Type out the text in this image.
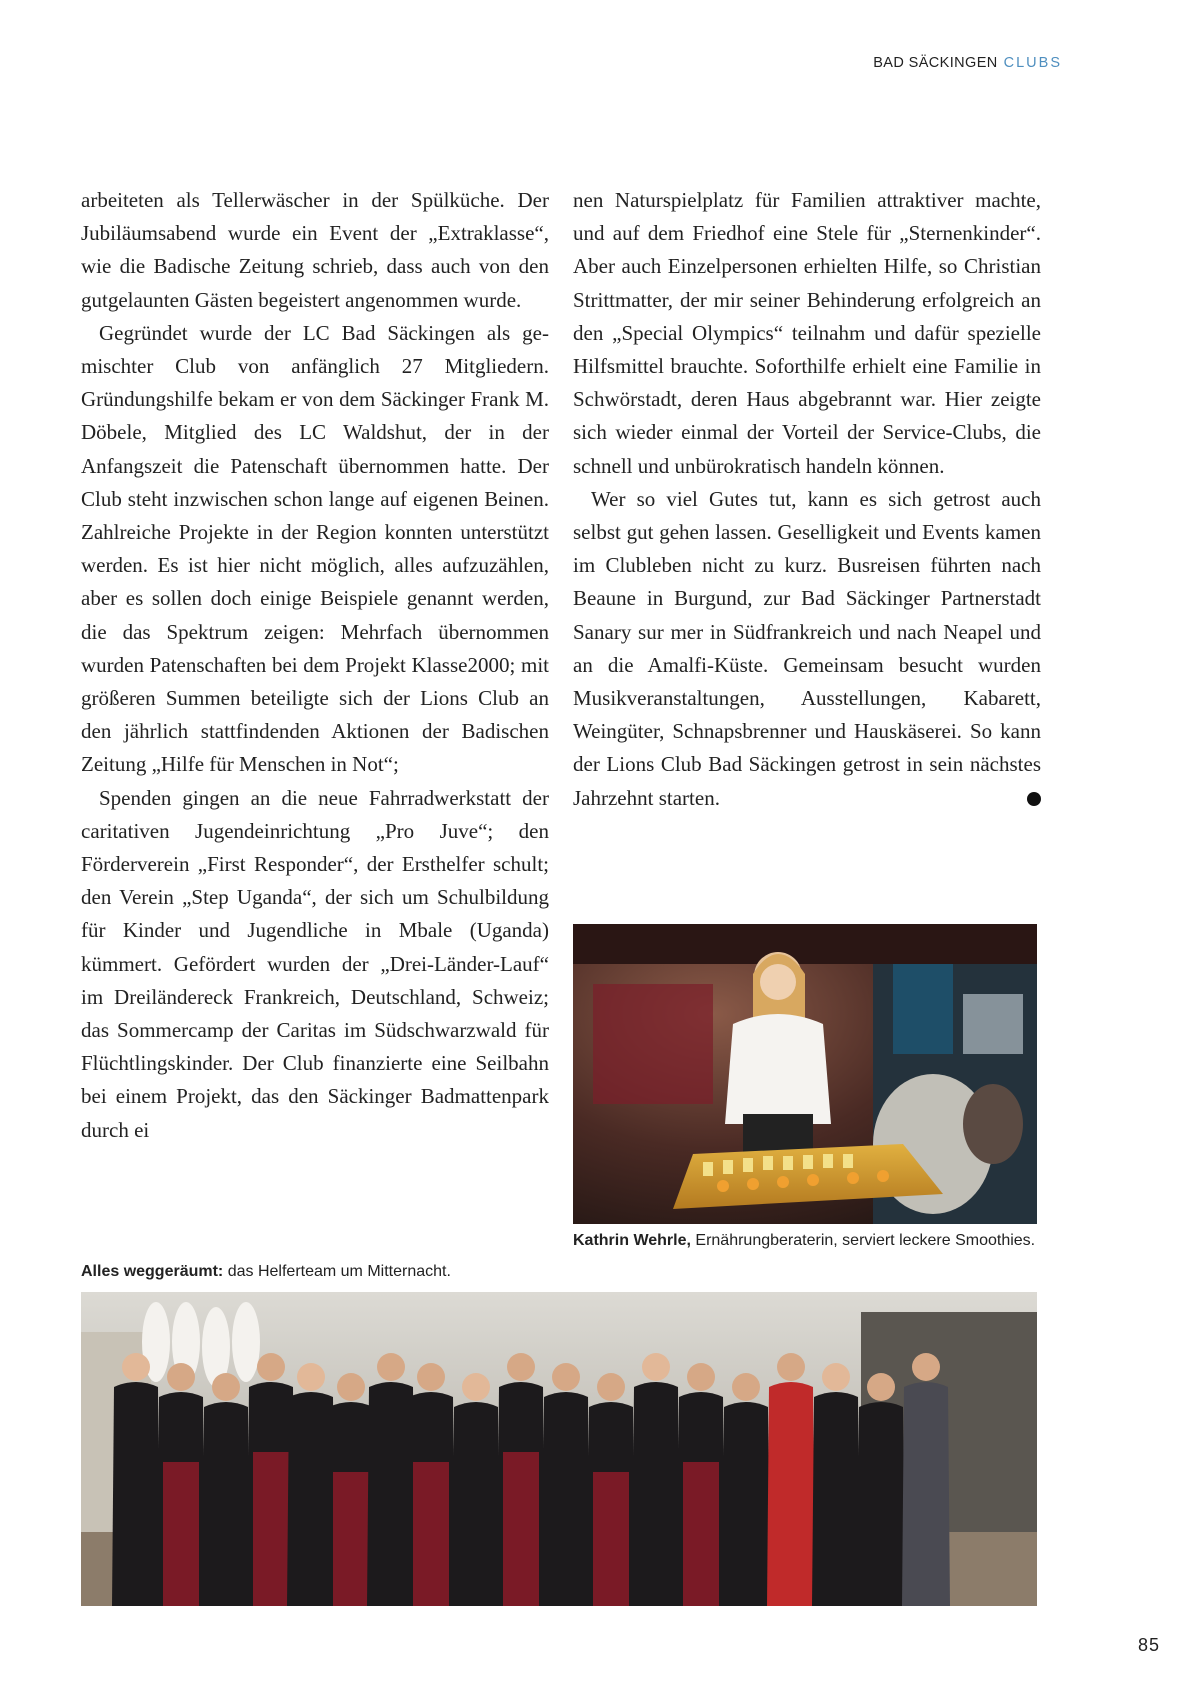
BAD SÄCKINGEN CLUBS

arbeiteten als Tellerwäscher in der Spülküche. Der Jubiläumsabend wurde ein Event der „Extraklasse“, wie die Badische Zeitung schrieb, dass auch von den gutgelaunten Gästen begeistert angenommen wurde.

Gegründet wurde der LC Bad Säckingen als gemischter Club von anfänglich 27 Mitgliedern. Gründungshilfe bekam er von dem Säckinger Frank M. Döbele, Mitglied des LC Waldshut, der in der Anfangszeit die Patenschaft übernommen hatte. Der Club steht inzwischen schon lange auf eigenen Beinen. Zahlreiche Projekte in der Region konnten unterstützt werden. Es ist hier nicht möglich, alles aufzuzählen, aber es sollen doch einige Beispiele genannt werden, die das Spektrum zeigen: Mehrfach übernommen wurden Patenschaften bei dem Projekt Klasse2000; mit größeren Summen beteiligte sich der Lions Club an den jährlich stattfindenden Aktionen der Badischen Zeitung „Hilfe für Menschen in Not“;

Spenden gingen an die neue Fahrradwerkstatt der caritativen Jugendeinrichtung „Pro Juve“; den Förderverein „First Responder“, der Ersthelfer schult; den Verein „Step Uganda“, der sich um Schulbildung für Kinder und Jugendliche in Mbale (Uganda) kümmert. Gefördert wurden der „Drei-Länder-Lauf“ im Dreiländereck Frankreich, Deutschland, Schweiz; das Sommercamp der Caritas im Südschwarzwald für Flüchtlingskinder. Der Club finanzierte eine Seilbahn bei einem Projekt, das den Säckinger Badmattenpark durch ei

nen Naturspielplatz für Familien attraktiver machte, und auf dem Friedhof eine Stele für „Sternenkinder“. Aber auch Einzelpersonen erhielten Hilfe, so Christian Strittmatter, der mir seiner Behinderung erfolgreich an den „Special Olympics“ teilnahm und dafür spezielle Hilfsmittel brauchte. Soforthilfe erhielt eine Familie in Schwörstadt, deren Haus abgebrannt war. Hier zeigte sich wieder einmal der Vorteil der Service-Clubs, die schnell und unbürokratisch handeln können.

Wer so viel Gutes tut, kann es sich getrost auch selbst gut gehen lassen. Geselligkeit und Events kamen im Clubleben nicht zu kurz. Busreisen führten nach Beaune in Burgund, zur Bad Säckinger Partnerstadt Sanary sur mer in Südfrankreich und nach Neapel und an die Amalfi-Küste. Gemeinsam besucht wurden Musikveranstaltungen, Ausstellungen, Kabarett, Weingüter, Schnapsbrenner und Hauskäserei. So kann der Lions Club Bad Säckingen getrost in sein nächstes Jahrzehnt starten.	L

Kathrin Wehrle, Ernährungberaterin, serviert leckere Smoothies.
Alles weggeräumt: das Helferteam um Mitternacht.
85
